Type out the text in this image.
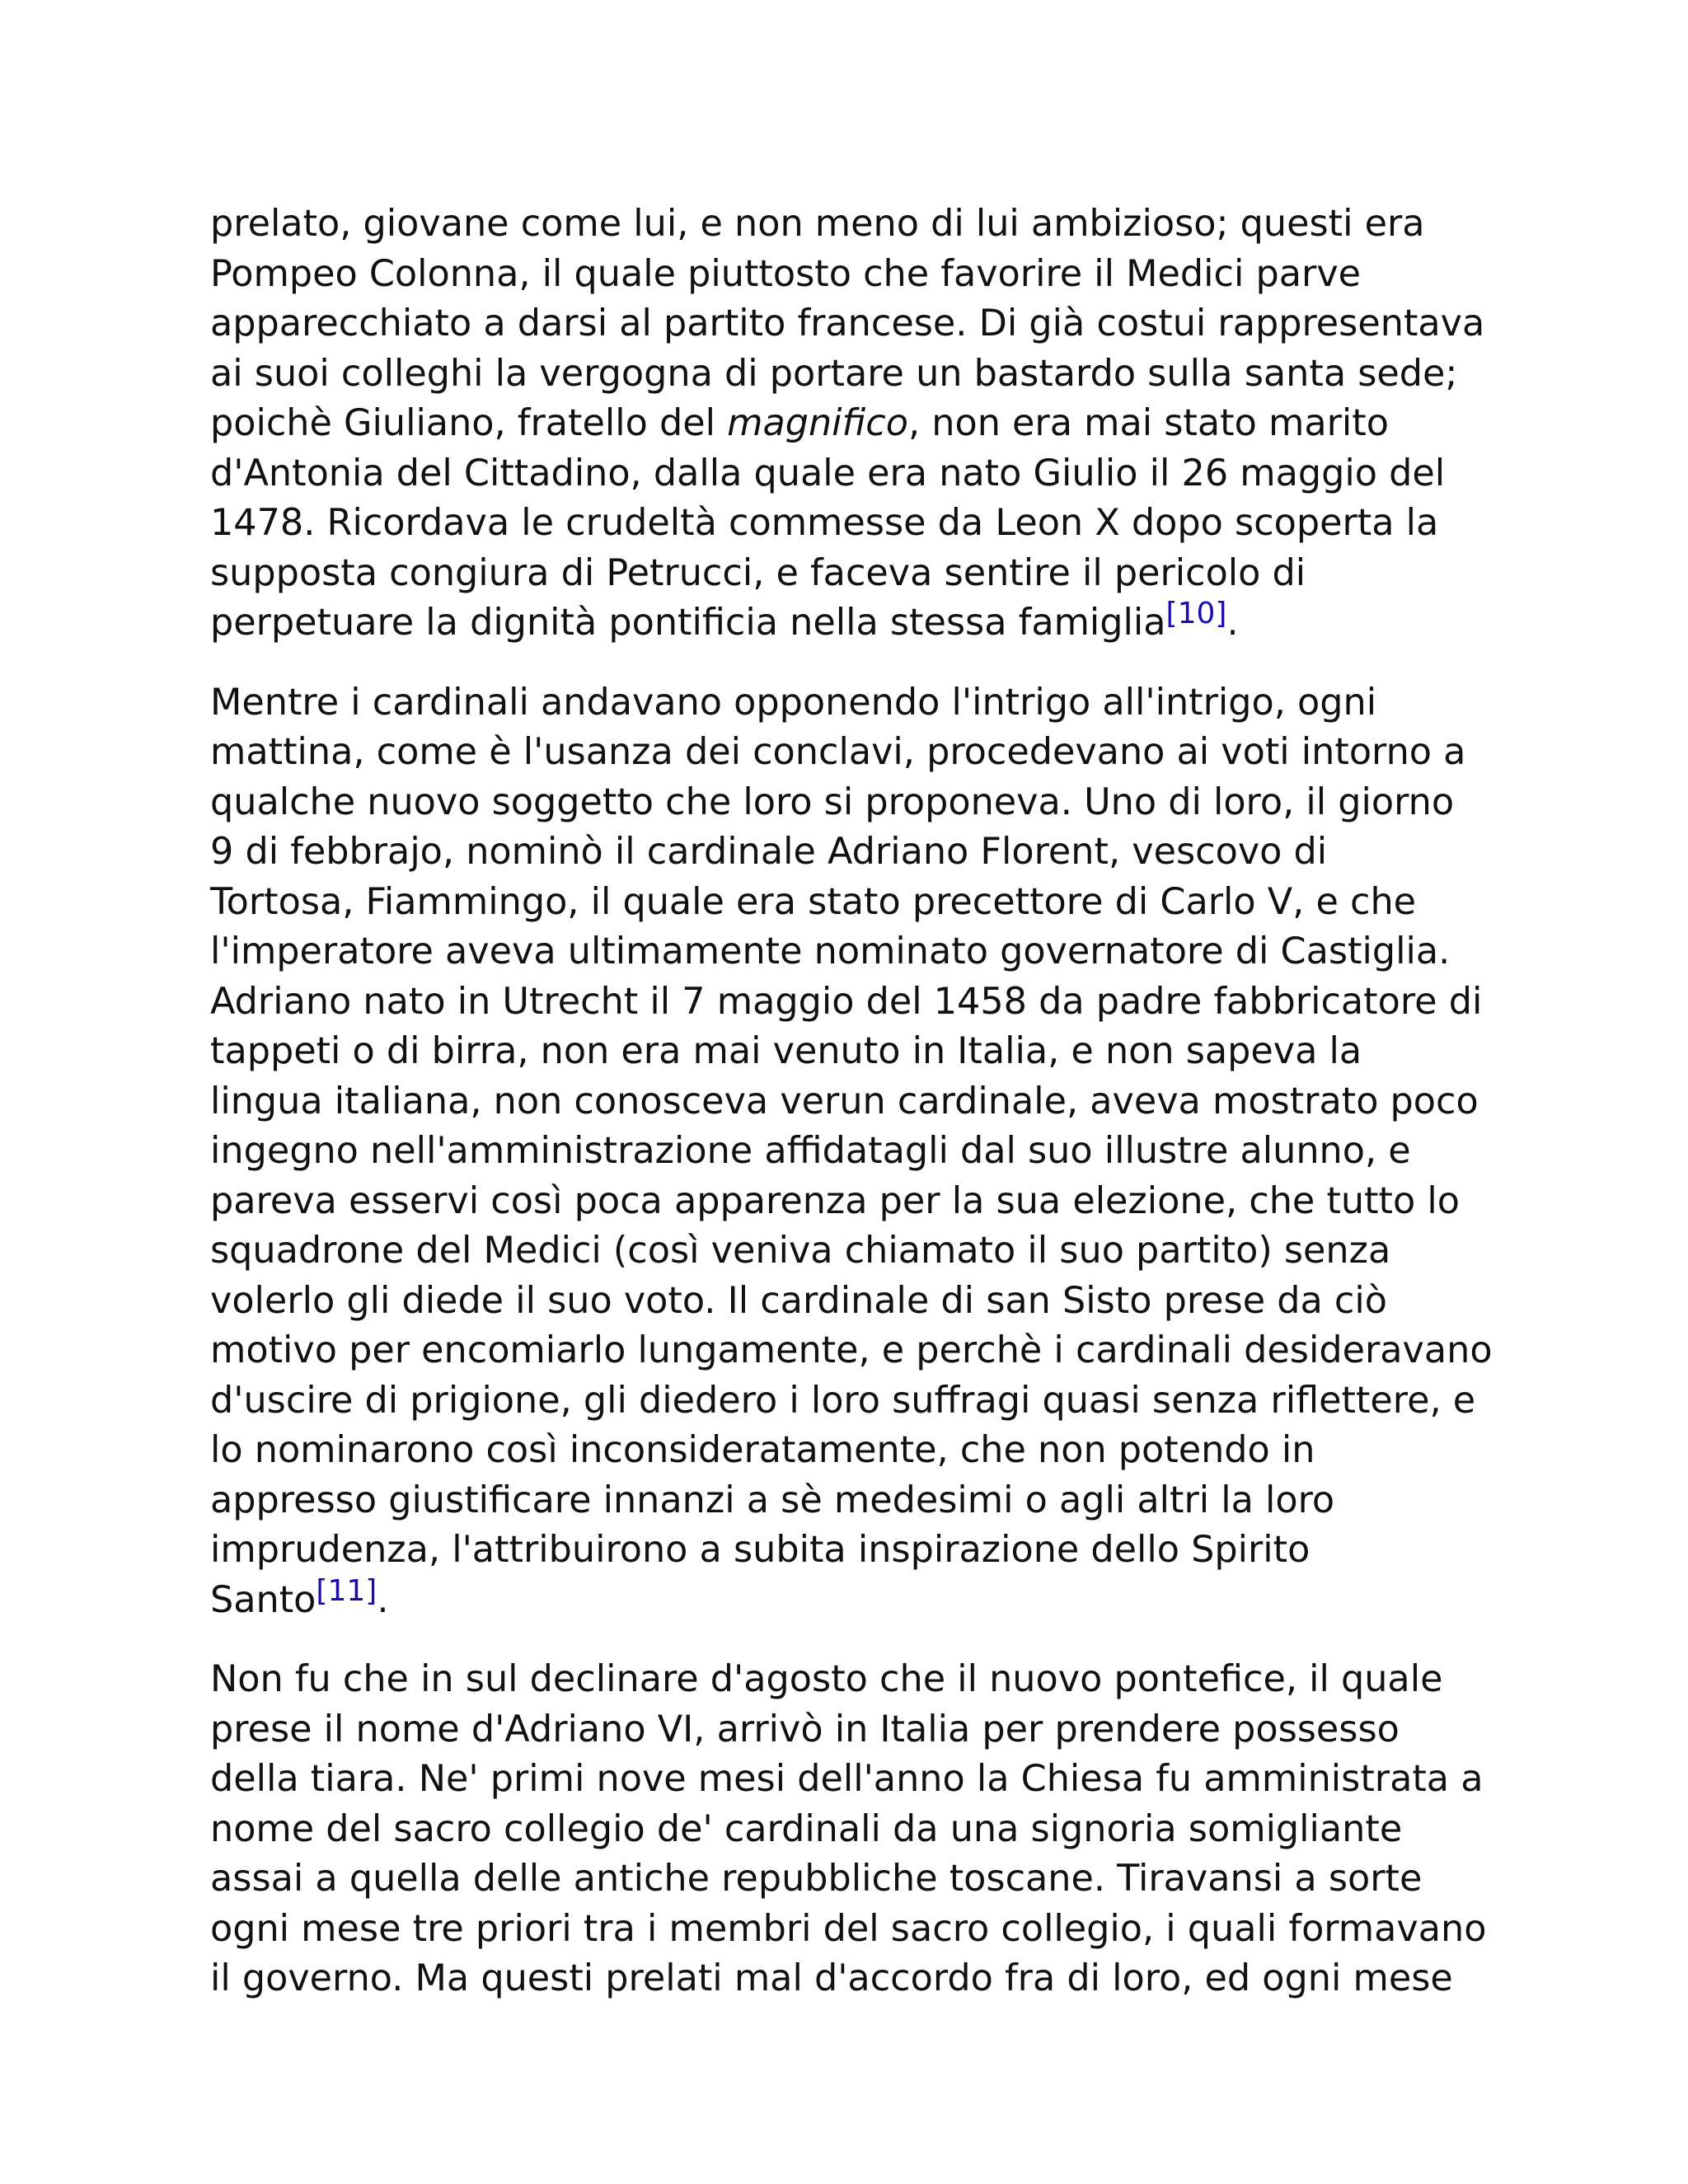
prelato, giovane come lui, e non meno di lui ambizioso; questi era
Pompeo Colonna, il quale piuttosto che favorire il Medici parve
apparecchiato a darsi al partito francese. Di già costui rappresentava
ai suoi colleghi la vergogna di portare un bastardo sulla santa sede;
poichè Giuliano, fratello del magnifico, non era mai stato marito
d'Antonia del Cittadino, dalla quale era nato Giulio il 26 maggio del
1478. Ricordava le crudeltà commesse da Leon X dopo scoperta la
supposta congiura di Petrucci, e faceva sentire il pericolo di
perpetuare la dignità pontificia nella stessa famiglia[10].

Mentre i cardinali andavano opponendo l'intrigo all'intrigo, ogni
mattina, come è l'usanza dei conclavi, procedevano ai voti intorno a
qualche nuovo soggetto che loro si proponeva. Uno di loro, il giorno
9 di febbrajo, nominò il cardinale Adriano Florent, vescovo di
Tortosa, Fiammingo, il quale era stato precettore di Carlo V, e che
l'imperatore aveva ultimamente nominato governatore di Castiglia.
Adriano nato in Utrecht il 7 maggio del 1458 da padre fabbricatore di
tappeti o di birra, non era mai venuto in Italia, e non sapeva la
lingua italiana, non conosceva verun cardinale, aveva mostrato poco
ingegno nell'amministrazione affidatagli dal suo illustre alunno, e
pareva esservi così poca apparenza per la sua elezione, che tutto lo
squadrone del Medici (così veniva chiamato il suo partito) senza
volerlo gli diede il suo voto. Il cardinale di san Sisto prese da ciò
motivo per encomiarlo lungamente, e perchè i cardinali desideravano
d'uscire di prigione, gli diedero i loro suffragi quasi senza riflettere, e
lo nominarono così inconsideratamente, che non potendo in
appresso giustificare innanzi a sè medesimi o agli altri la loro
imprudenza, l'attribuirono a subita inspirazione dello Spirito
Santo[11].

Non fu che in sul declinare d'agosto che il nuovo pontefice, il quale
prese il nome d'Adriano VI, arrivò in Italia per prendere possesso
della tiara. Ne' primi nove mesi dell'anno la Chiesa fu amministrata a
nome del sacro collegio de' cardinali da una signoria somigliante
assai a quella delle antiche repubbliche toscane. Tiravansi a sorte
ogni mese tre priori tra i membri del sacro collegio, i quali formavano
il governo. Ma questi prelati mal d'accordo fra di loro, ed ogni mese
